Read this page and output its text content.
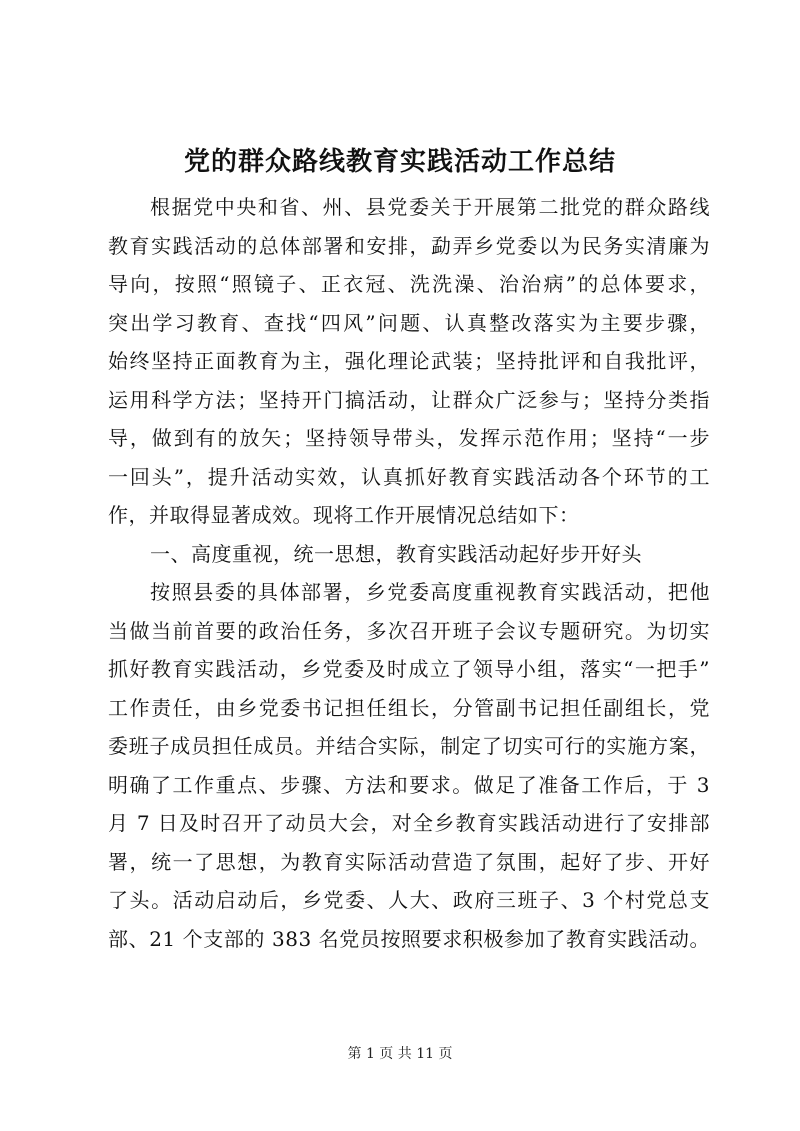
党的群众路线教育实践活动工作总结
根据党中央和省、州、县党委关于开展第二批党的群众路线
教育实践活动的总体部署和安排，勐弄乡党委以为民务实清廉为
导向，按照“照镜子、正衣冠、洗洗澡、治治病”的总体要求，
突出学习教育、查找“四风”问题、认真整改落实为主要步骤，
始终坚持正面教育为主，强化理论武装；坚持批评和自我批评，
运用科学方法；坚持开门搞活动，让群众广泛参与；坚持分类指
导，做到有的放矢；坚持领导带头，发挥示范作用；坚持“一步
一回头”，提升活动实效，认真抓好教育实践活动各个环节的工
作，并取得显著成效。现将工作开展情况总结如下：
一、高度重视，统一思想，教育实践活动起好步开好头
按照县委的具体部署，乡党委高度重视教育实践活动，把他
当做当前首要的政治任务，多次召开班子会议专题研究。为切实
抓好教育实践活动，乡党委及时成立了领导小组，落实“一把手”
工作责任，由乡党委书记担任组长，分管副书记担任副组长，党
委班子成员担任成员。并结合实际，制定了切实可行的实施方案，
明确了工作重点、步骤、方法和要求。做足了准备工作后，于 3
月 7 日及时召开了动员大会，对全乡教育实践活动进行了安排部
署，统一了思想，为教育实际活动营造了氛围，起好了步、开好
了头。活动启动后，乡党委、人大、政府三班子、3 个村党总支
部、21 个支部的 383 名党员按照要求积极参加了教育实践活动。
第 1 页 共 11 页
